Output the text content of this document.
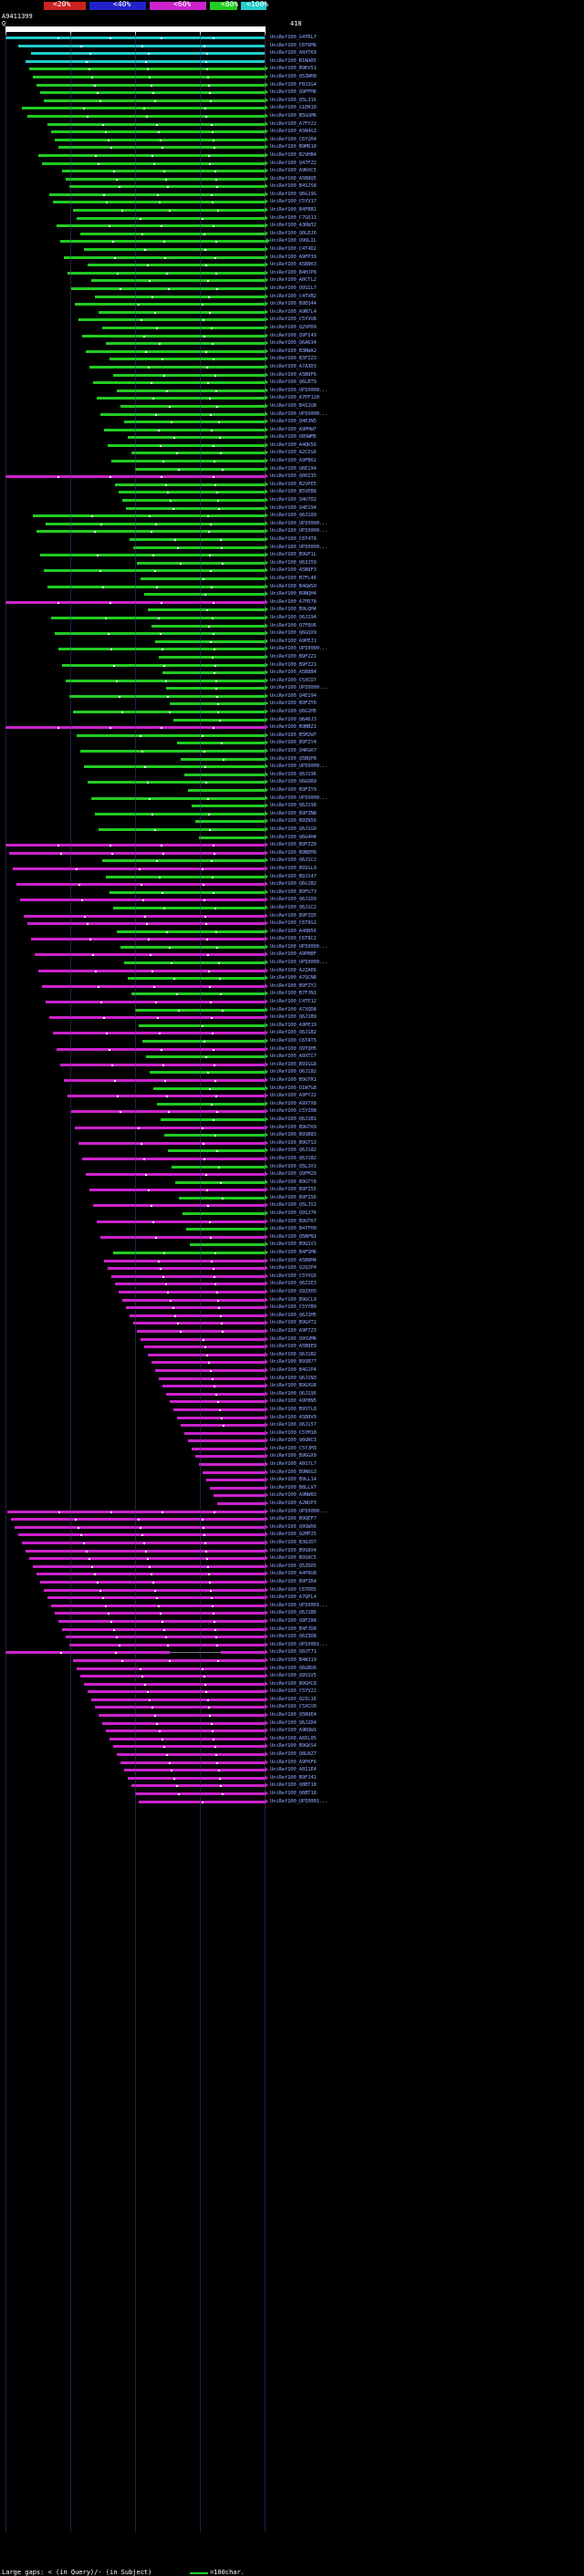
<20%	<40%	<60%	<80% <100%
Q	418
A9411399
UniRef100_G4TRL7
UniRef100_C6T6M6
UniRef100_A0XTK9
UniRef100_B1NAR5
UniRef100_B9KV51
UniRef100_Q5ZWH9
UniRef100_F0J2G4
UniRef100_Q9PFM6
UniRef100_Q5L316
UniRef100_G1EN10
UniRef100_B5GGM6
UniRef100_A7FY22
UniRef100_A5N4G3
UniRef100_C6Y2R4
UniRef100_B9M610
UniRef100_B2VHB4
UniRef100_Q47FZ2
UniRef100_A9KXC5
UniRef100_A5B8Q5
UniRef100_B4SJ58
UniRef100_Q6G19G
UniRef100_C5YV17
UniRef100_B4FBB1
UniRef100_C7G611
UniRef100_A3RW32
UniRef100_Q0LEJ6
UniRef100_Q9QLIL
UniRef100_C4T4D2
UniRef100_A9FP39
UniRef100_A5B8K3
UniRef100_B4HJP8
UniRef100_A0CTL2
UniRef100_Q9SIL7
UniRef100_C4TVB2
UniRef100_B9EQ44
UniRef100_A9N7L4
UniRef100_C5YVU8
UniRef100_Q2VPD9
UniRef100_Q9FI49
UniRef100_Q6A634
UniRef100_B3NWA2
UniRef100_B3FZZ3
UniRef100_A7A3D3
UniRef100_A5B8F6
UniRef100_Q6LBT9
UniRef100_UPI0000...
UniRef100_A7PF120
UniRef100_B4I2U8
UniRef100_UPI0000...
UniRef100_Q4E3N5
UniRef100_A9PHW7
UniRef100_Q0SWM5
UniRef100_A4QK56
UniRef100_A2CIG6
UniRef100_A9FB62
UniRef100_Q6E194
UniRef100_Q06I35
UniRef100_B2VPE5
UniRef100_B5VEB8
UniRef100_Q4U7D2
UniRef100_Q4E194
UniRef100_Q6J189
UniRef100_UPI0000...
UniRef100_UPI0000...
UniRef100_C6T4T8
UniRef100_UPI0000...
UniRef100_B9GF1L
UniRef100_Q63J59
UniRef100_A5B8F3
UniRef100_B7FL46
UniRef100_B4GWS9
UniRef100_B9NQH4
UniRef100_A7PD78
UniRef100_B9LQM4
UniRef100_Q6J194
UniRef100_Q7F8U6
UniRef100_Q6GQX9
UniRef100_A9PEJ1
UniRef100_UPI0000...
UniRef100_B9FZZ1
UniRef100_B9FZ21
UniRef100_A5B8B4
UniRef100_C5XCD7
UniRef100_UPI0000...
UniRef100_Q4E194
UniRef100_B9FZY6
UniRef100_Q6G1M5
UniRef100_Q6A6J3
UniRef100_B9NBZ1
UniRef100_B5M2W7
UniRef100_B9FZY4
UniRef100_Q4KGK7
UniRef100_Q5BQP8
UniRef100_UPI0000...
UniRef100_Q6J196
UniRef100_Q6GQR9
UniRef100_B9FZY9
UniRef100_UPI0000...
UniRef100_Q6J198
UniRef100_B9FZN8
UniRef100_B9IN56
UniRef100_Q6J1G0
UniRef100_Q6G4H4
UniRef100_B9FZZ0
UniRef100_B9NEM9
UniRef100_Q6J1C2
UniRef100_B9IGL9
UniRef100_B9J147
UniRef100_Q6G1B2
UniRef100_B9FU73
UniRef100_Q6J1D9
UniRef100_Q6J1C2
UniRef100_B9FZQ5
UniRef100_C6T8G2
UniRef100_A4QN56
UniRef100_C6T8C2
UniRef100_UPI0000...
UniRef100_A9PBBF
UniRef100_UPI0000...
UniRef100_A2ZAE6
UniRef100_A7QCN8
UniRef100_B9FZY2
UniRef100_B7FJN1
UniRef100_C4TE12
UniRef100_A7XQD8
UniRef100_Q6J1B9
UniRef100_A9PE19
UniRef100_Q6J1B2
UniRef100_C6TAT5
UniRef100_Q9TQH5
UniRef100_A9XTC7
UniRef100_B9IGG8
UniRef100_Q6J182
UniRef100_B9GTR1
UniRef100_Q1W7G8
UniRef100_A9FY22
UniRef100_A9X7X8
UniRef100_C5YZ08
UniRef100_Q6J1B1
UniRef100_B9GTK9
UniRef100_B9SB83
UniRef100_B9GTS3
UniRef100_Q6J182
UniRef100_Q6J1B2
UniRef100_Q5LJX1
UniRef100_Q9FM29
UniRef100_B9GTY8
UniRef100_B9FZS5
UniRef100_B9FZS6
UniRef100_Q5LJV2
UniRef100_Q9SJ7K
UniRef100_B9GTK7
UniRef100_B4TFH9
UniRef100_Q5NFN1
UniRef100_B9GSV1
UniRef100_B4FSM6
UniRef100_A5B8M4
UniRef100_Q2QZP4
UniRef100_C5YXG5
UniRef100_Q6Z1E3
UniRef100_Q9ZXH3
UniRef100_B9GCL9
UniRef100_C5YYB9
UniRef100_Q6J1M5
UniRef100_B9GXT2
UniRef100_A9P7Z3
UniRef100_Q9SVM6
UniRef100_A5B8E9
UniRef100_Q6J1B2
UniRef100_B9SB77
UniRef100_B4G1P4
UniRef100_Q6J1N3
UniRef100_B9GXU8
UniRef100_Q6J195
UniRef100_A9P8N5
UniRef100_B9STL8
UniRef100_A5B8V9
UniRef100_Q6J157
UniRef100_C5YM18
UniRef100_Q6GNC3
UniRef100_C5YJM3
UniRef100_B9GGX9
UniRef100_A0S7L7
UniRef100_B9N6G3
UniRef100_B9LL14
UniRef100_B8LLV7
UniRef100_A9NW03
UniRef100_A2WUP3
UniRef100_UPI0000...
UniRef100_B9QEF7
UniRef100_Q9SWX6
UniRef100_Q2MP25
UniRef100_B3QJD7
UniRef100_B9S8X4
UniRef100_B9S8C5
UniRef100_Q5Z6D5
UniRef100_A4F8U8
UniRef100_B9FZR4
UniRef100_C6TDD5
UniRef100_A7QPL4
UniRef100_UPI0001...
UniRef100_Q6J1B6
UniRef100_Q9FZA8
UniRef100_B4FJD8
UniRef100_Q6Z3D8
UniRef100_UPI0001...
UniRef100_Q0JT71
UniRef100_B4WJ19
UniRef100_Q6GBU6
UniRef100_Q9SSV5
UniRef100_B9GHC8
UniRef100_C5YV22
UniRef100_Q2IL16
UniRef100_C5XCU9
UniRef100_Q5N9E4
UniRef100_Q6J2D4
UniRef100_A9RQW1
UniRef100_A8IL05
UniRef100_B9GKS4
UniRef100_Q8LNZ7
UniRef100_A9P6F6
UniRef100_A011E4
UniRef100_B9FJ41
UniRef100_Q8BT18
UniRef100_Q6BT18
UniRef100_UPI0001...
Large gaps: < (in Query)/- (in Subject)	=100char.
